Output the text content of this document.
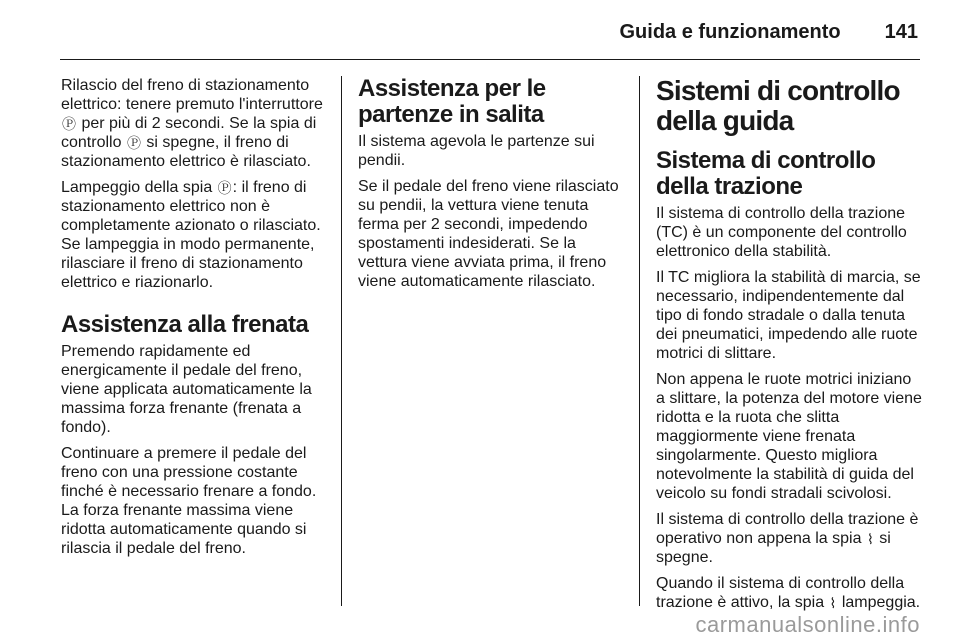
Guida e funzionamento 141

Rilascio del freno di stazionamento elettrico: tenere premuto l'interruttore Ⓟ per più di 2 secondi. Se la spia di controllo Ⓟ si spegne, il freno di stazionamento elettrico è rilasciato.

Lampeggio della spia Ⓟ: il freno di stazionamento elettrico non è completamente azionato o rilasciato. Se lampeggia in modo permanente, rilasciare il freno di stazionamento elettrico e riazionarlo.

Assistenza alla frenata

Premendo rapidamente ed energicamente il pedale del freno, viene applicata automaticamente la massima forza frenante (frenata a fondo).

Continuare a premere il pedale del freno con una pressione costante finché è necessario frenare a fondo. La forza frenante massima viene ridotta automaticamente quando si rilascia il pedale del freno.

Assistenza per le partenze in salita

Il sistema agevola le partenze sui pendii.

Se il pedale del freno viene rilasciato su pendii, la vettura viene tenuta ferma per 2 secondi, impedendo spostamenti indesiderati. Se la vettura viene avviata prima, il freno viene automaticamente rilasciato.

Sistemi di controllo della guida
Sistema di controllo della trazione

Il sistema di controllo della trazione (TC) è un componente del controllo elettronico della stabilità.

Il TC migliora la stabilità di marcia, se necessario, indipendentemente dal tipo di fondo stradale o dalla tenuta dei pneumatici, impedendo alle ruote motrici di slittare.

Non appena le ruote motrici iniziano a slittare, la potenza del motore viene ridotta e la ruota che slitta maggiormente viene frenata singolarmente. Questo migliora notevolmente la stabilità di guida del veicolo su fondi stradali scivolosi.

Il sistema di controllo della trazione è operativo non appena la spia ⌇ si spegne.

Quando il sistema di controllo della trazione è attivo, la spia ⌇ lampeggia.

carmanualsonline.info
